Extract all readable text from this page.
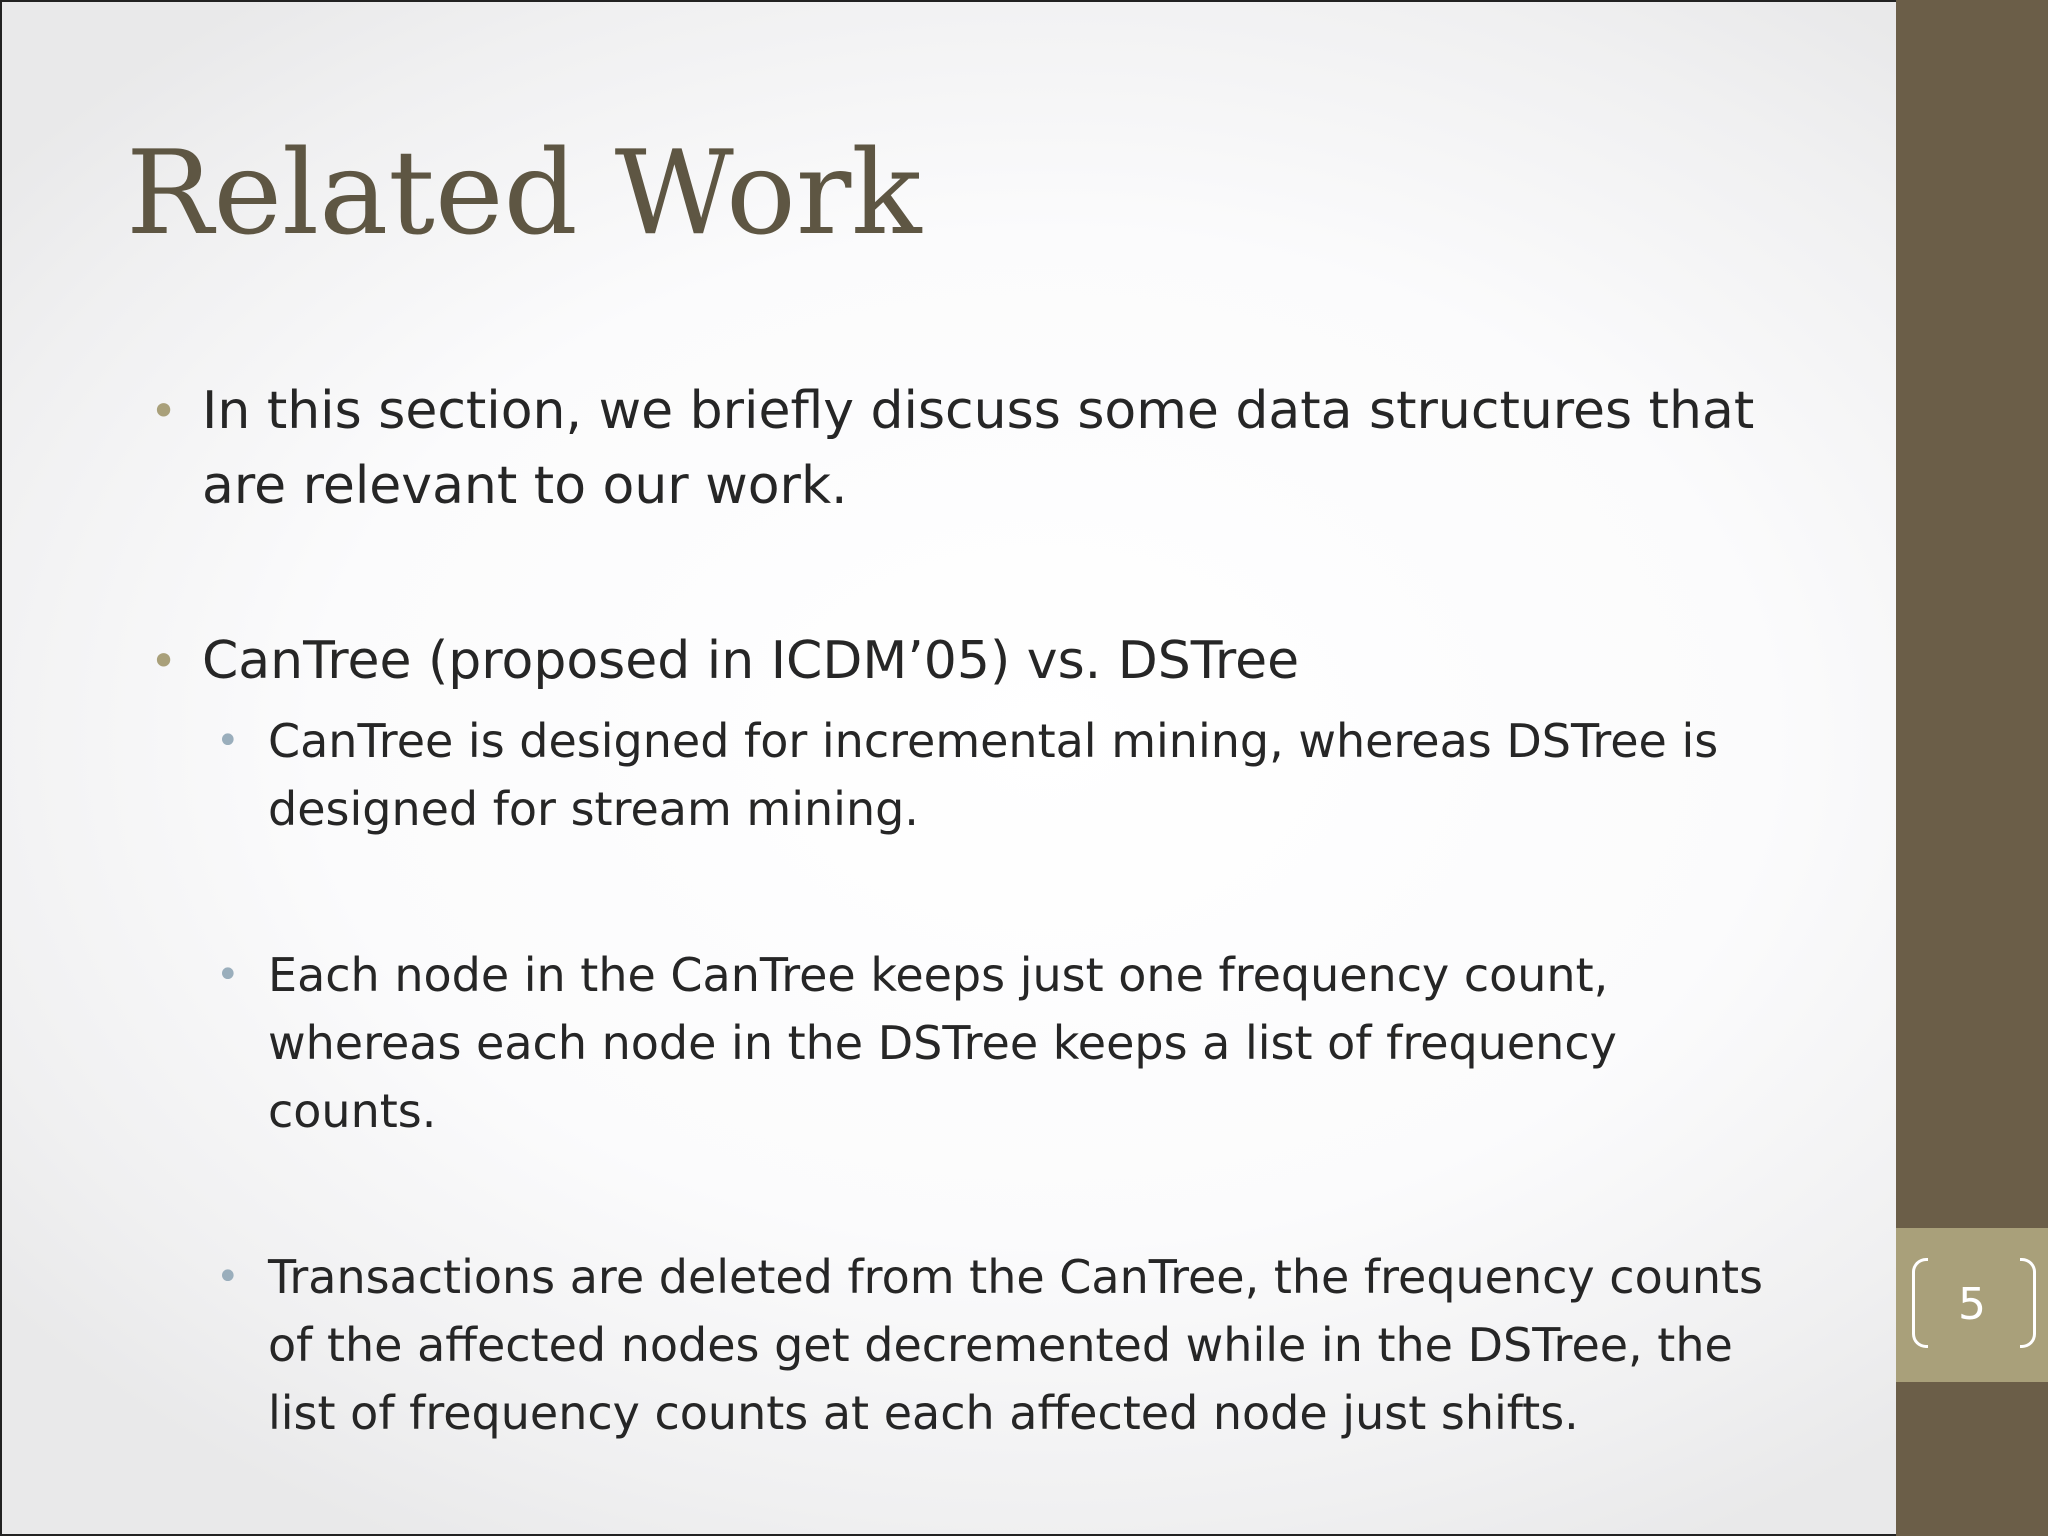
Related Work
• In this section, we briefly discuss some data structures that are relevant to our work.
• CanTree (proposed in ICDM’05) vs. DSTree
• CanTree is designed for incremental mining, whereas DSTree is designed for stream mining.
• Each node in the CanTree keeps just one frequency count, whereas each node in the DSTree keeps a list of frequency counts.
• Transactions are deleted from the CanTree, the frequency counts of the affected nodes get decremented while in the DSTree, the list of frequency counts at each affected node just shifts.
5
